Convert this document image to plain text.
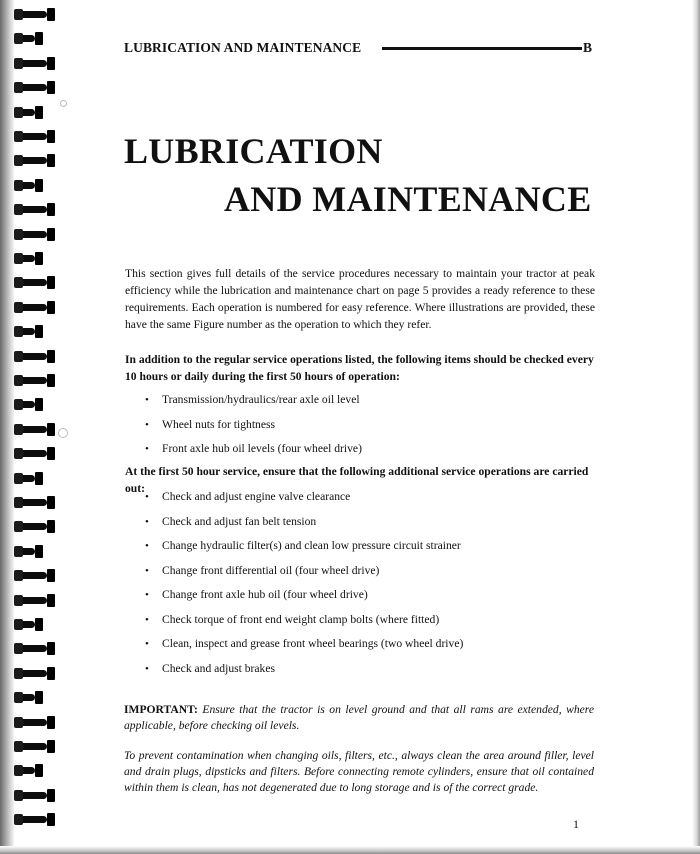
LUBRICATION AND MAINTENANCE	B
LUBRICATION
AND MAINTENANCE

This section gives full details of the service procedures necessary to maintain your tractor at peak efficiency while the lubrication and maintenance chart on page 5 provides a ready reference to these requirements. Each operation is numbered for easy reference. Where illustrations are provided, these have the same Figure number as the operation to which they refer.

In addition to the regular service operations listed, the following items should be checked every 10 hours or daily during the first 50 hours of operation:

• Transmission/hydraulics/rear axle oil level
• Wheel nuts for tightness
• Front axle hub oil levels (four wheel drive)

At the first 50 hour service, ensure that the following additional service operations are carried out:

• Check and adjust engine valve clearance
• Check and adjust fan belt tension
• Change hydraulic filter(s) and clean low pressure circuit strainer
• Change front differential oil (four wheel drive)
• Change front axle hub oil (four wheel drive)
• Check torque of front end weight clamp bolts (where fitted)
• Clean, inspect and grease front wheel bearings (two wheel drive)
• Check and adjust brakes

IMPORTANT: Ensure that the tractor is on level ground and that all rams are extended, where applicable, before checking oil levels.

To prevent contamination when changing oils, filters, etc., always clean the area around filler, level and drain plugs, dipsticks and filters. Before connecting remote cylinders, ensure that oil contained within them is clean, has not degenerated due to long storage and is of the correct grade.

1
